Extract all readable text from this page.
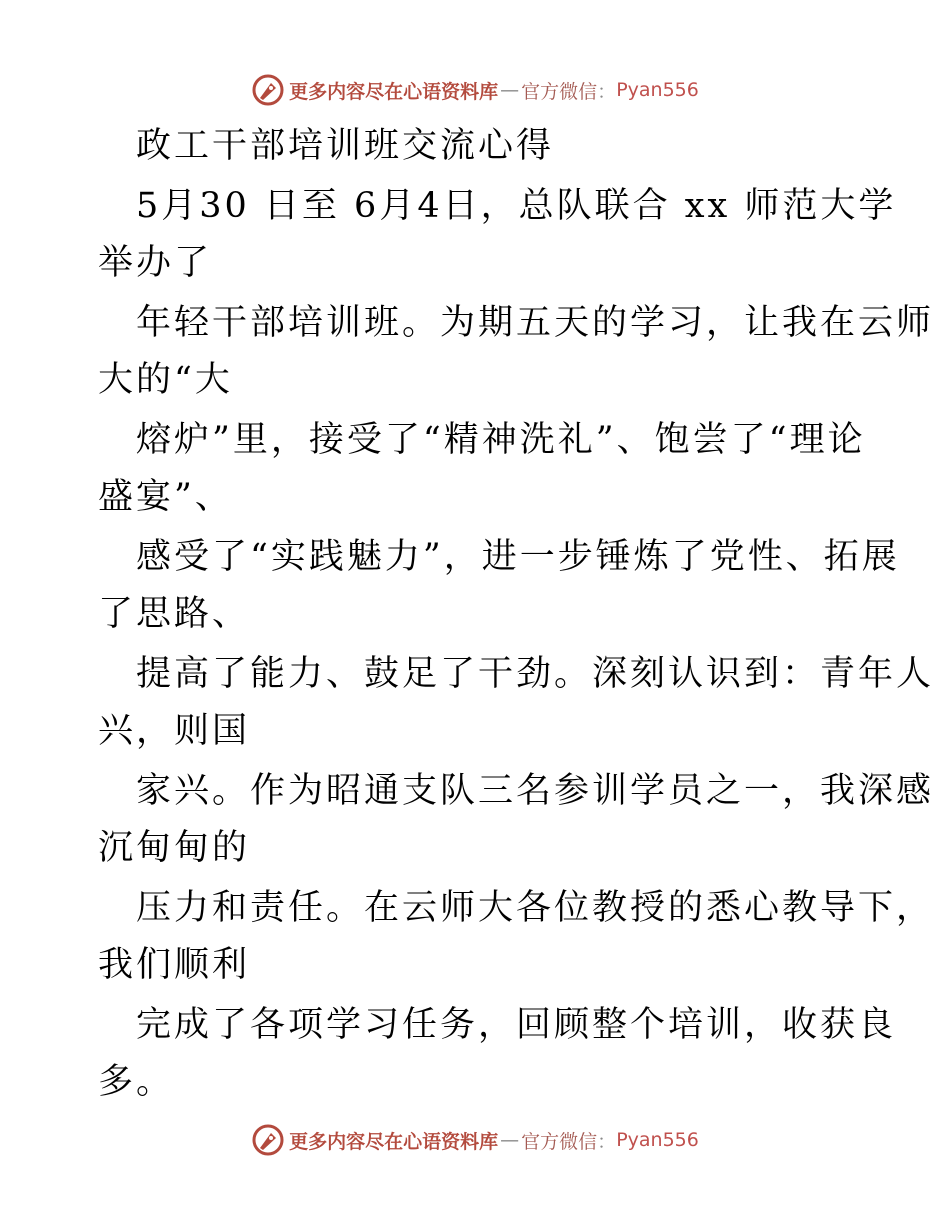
更多内容尽在心语资料库 — 官方微信 ： Pyan556
政工干部培训班交流心得
5月30 日至 6月4日，总队联合 xx 师范大学
举办了
年轻干部培训班。为期五天的学习，让我在云师
大的“大
熔炉”里，接受了“精神洗礼”、饱尝了“理论
盛宴”、
感受了“实践魅力”，进一步锤炼了党性、拓展
了思路、
提高了能力、鼓足了干劲。深刻认识到：青年人
兴，则国
家兴。作为昭通支队三名参训学员之一，我深感
沉甸甸的
压力和责任。在云师大各位教授的悉心教导下，
我们顺利
完成了各项学习任务，回顾整个培训，收获良
多。
更多内容尽在心语资料库 — 官方微信 ： Pyan556
